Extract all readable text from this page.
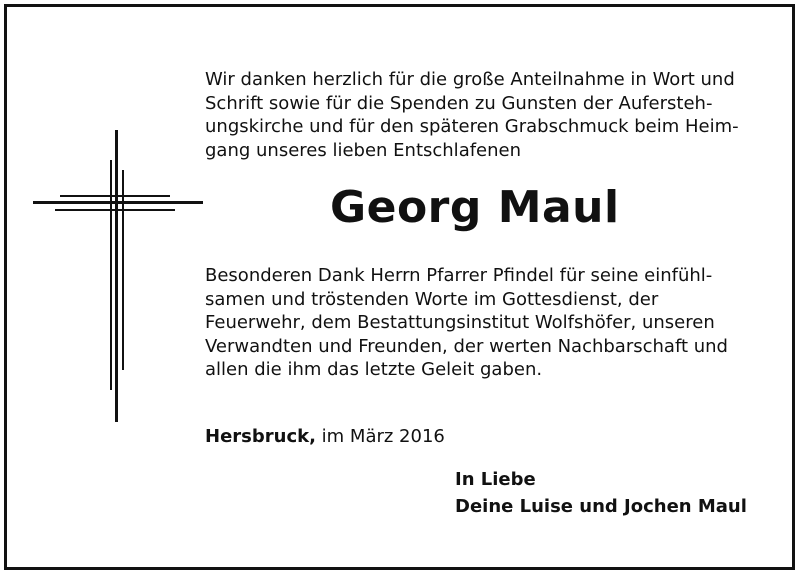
Wir danken herzlich für die große Anteilnahme in Wort und
Schrift sowie für die Spenden zu Gunsten der Aufersteh-
ungskirche und für den späteren Grabschmuck beim Heim-
gang unseres lieben Entschlafenen
Georg Maul
Besonderen Dank Herrn Pfarrer Pfindel für seine einfühl-
samen und tröstenden Worte im Gottesdienst, der
Feuerwehr, dem Bestattungsinstitut Wolfshöfer, unseren
Verwandten und Freunden, der werten Nachbarschaft und
allen die ihm das letzte Geleit gaben.
Hersbruck, im März 2016
In Liebe
Deine Luise und Jochen Maul
